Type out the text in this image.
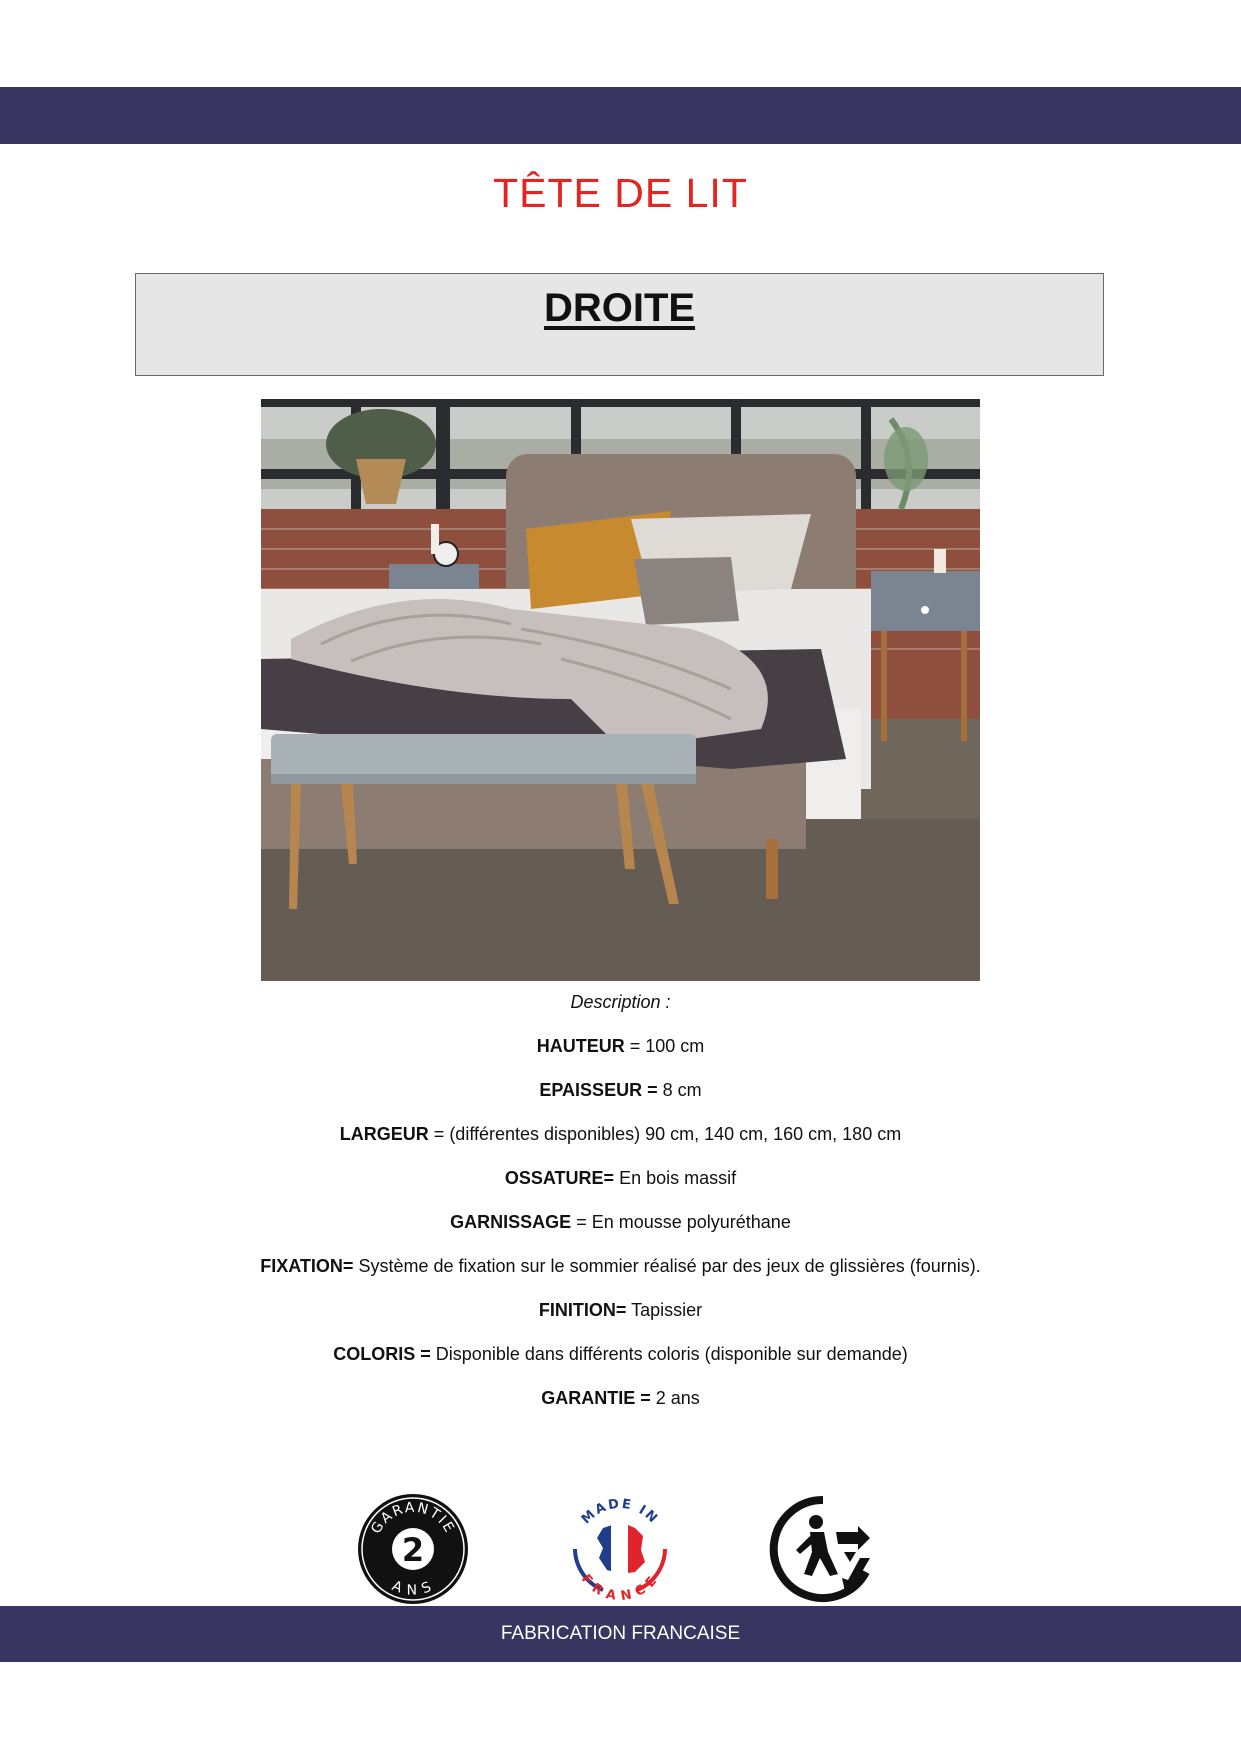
TÊTE DE LIT
DROITE
Description :
HAUTEUR = 100 cm
EPAISSEUR = 8 cm
LARGEUR = (différentes disponibles) 90 cm, 140 cm, 160 cm, 180 cm
OSSATURE= En bois massif
GARNISSAGE = En mousse polyuréthane
FIXATION= Système de fixation sur le sommier réalisé par des jeux de glissières (fournis).
FINITION= Tapissier
COLORIS = Disponible dans différents coloris (disponible sur demande)
GARANTIE = 2 ans
2
GARANTIE
ANS
MADE IN
FRANCE
FABRICATION FRANCAISE
